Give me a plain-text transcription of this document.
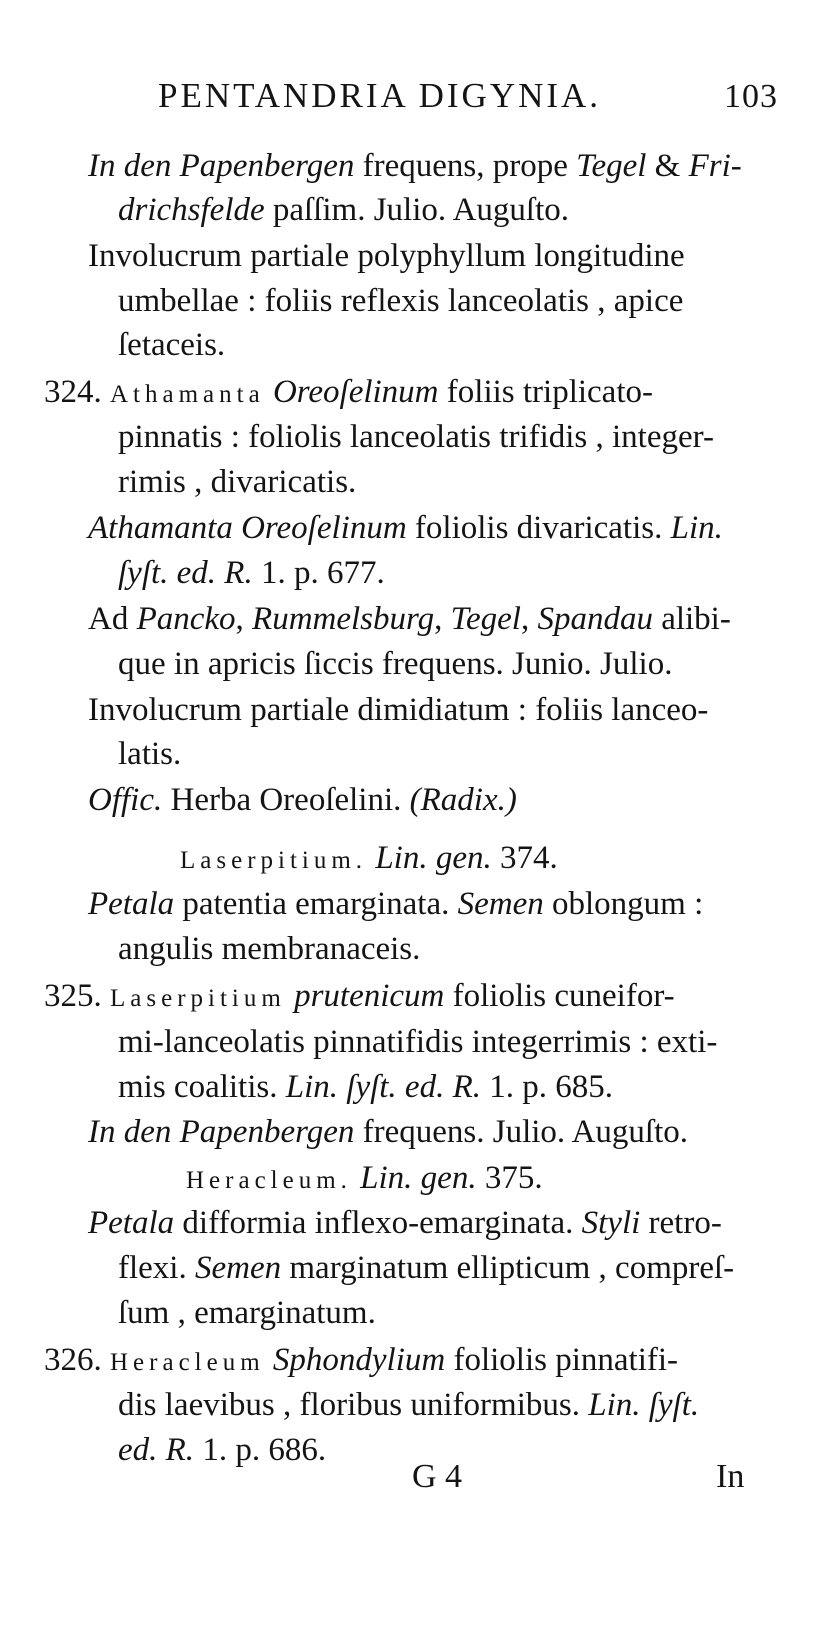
PENTANDRIA DIGYNIA.	103
In den Papenbergen frequens, prope Tegel & Fri-
drichsfelde paſſim. Julio. Auguſto.
Involucrum partiale polyphyllum longitudine
umbellae : foliis reflexis lanceolatis , apice
ſetaceis.
324. Athamanta Oreoſelinum foliis triplicato-
pinnatis : foliolis lanceolatis trifidis , integer-
rimis , divaricatis.
Athamanta Oreoſelinum foliolis divaricatis. Lin.
ſyſt. ed. R. 1. p. 677.
Ad Pancko, Rummelsburg, Tegel, Spandau alibi-
que in apricis ſiccis frequens. Junio. Julio.
Involucrum partiale dimidiatum : foliis lanceo-
latis.
Offic. Herba Oreoſelini. (Radix.)
Laserpitium. Lin. gen. 374.
Petala patentia emarginata. Semen oblongum :
angulis membranaceis.
325. Laserpitium prutenicum foliolis cuneifor-
mi-lanceolatis pinnatifidis integerrimis : exti-
mis coalitis. Lin. ſyſt. ed. R. 1. p. 685.
In den Papenbergen frequens. Julio. Auguſto.
Heracleum. Lin. gen. 375.
Petala difformia inflexo-emarginata. Styli retro-
flexi. Semen marginatum ellipticum , compreſ-
ſum , emarginatum.
326. Heracleum Sphondylium foliolis pinnatifi-
dis laevibus , floribus uniformibus. Lin. ſyſt.
ed. R. 1. p. 686.
G 4	In
